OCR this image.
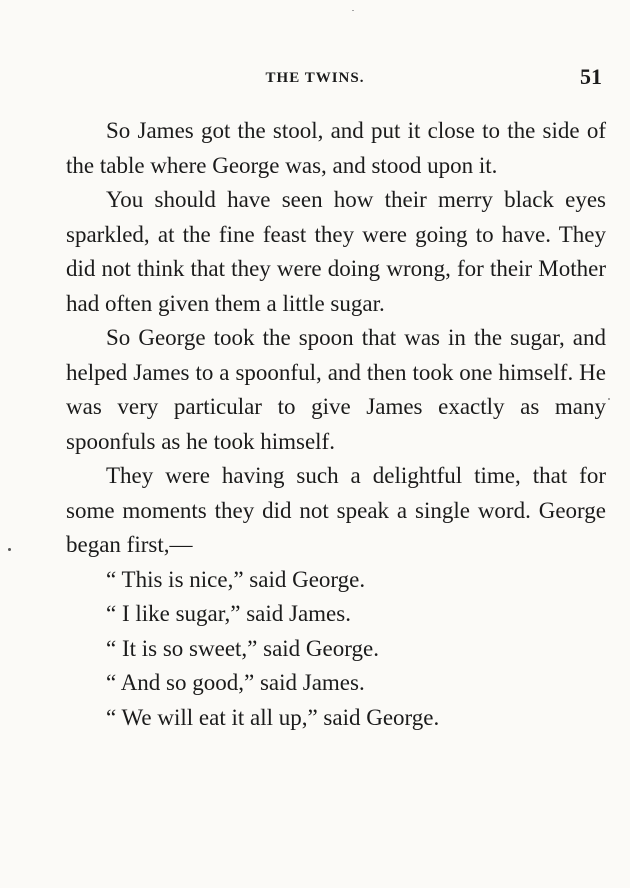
THE TWINS.	51

So James got the stool, and put it close to the side of the table where George was, and stood upon it.

You should have seen how their merry black eyes sparkled, at the fine feast they were going to have. They did not think that they were doing wrong, for their Mother had often given them a little sugar.

So George took the spoon that was in the sugar, and helped James to a spoonful, and then took one himself. He was very particular to give James exactly as many spoonfuls as he took himself.

They were having such a delightful time, that for some moments they did not speak a single word. George began first,—

“ This is nice,” said George.

“ I like sugar,” said James.

“ It is so sweet,” said George.

“ And so good,” said James.

“ We will eat it all up,” said George.
